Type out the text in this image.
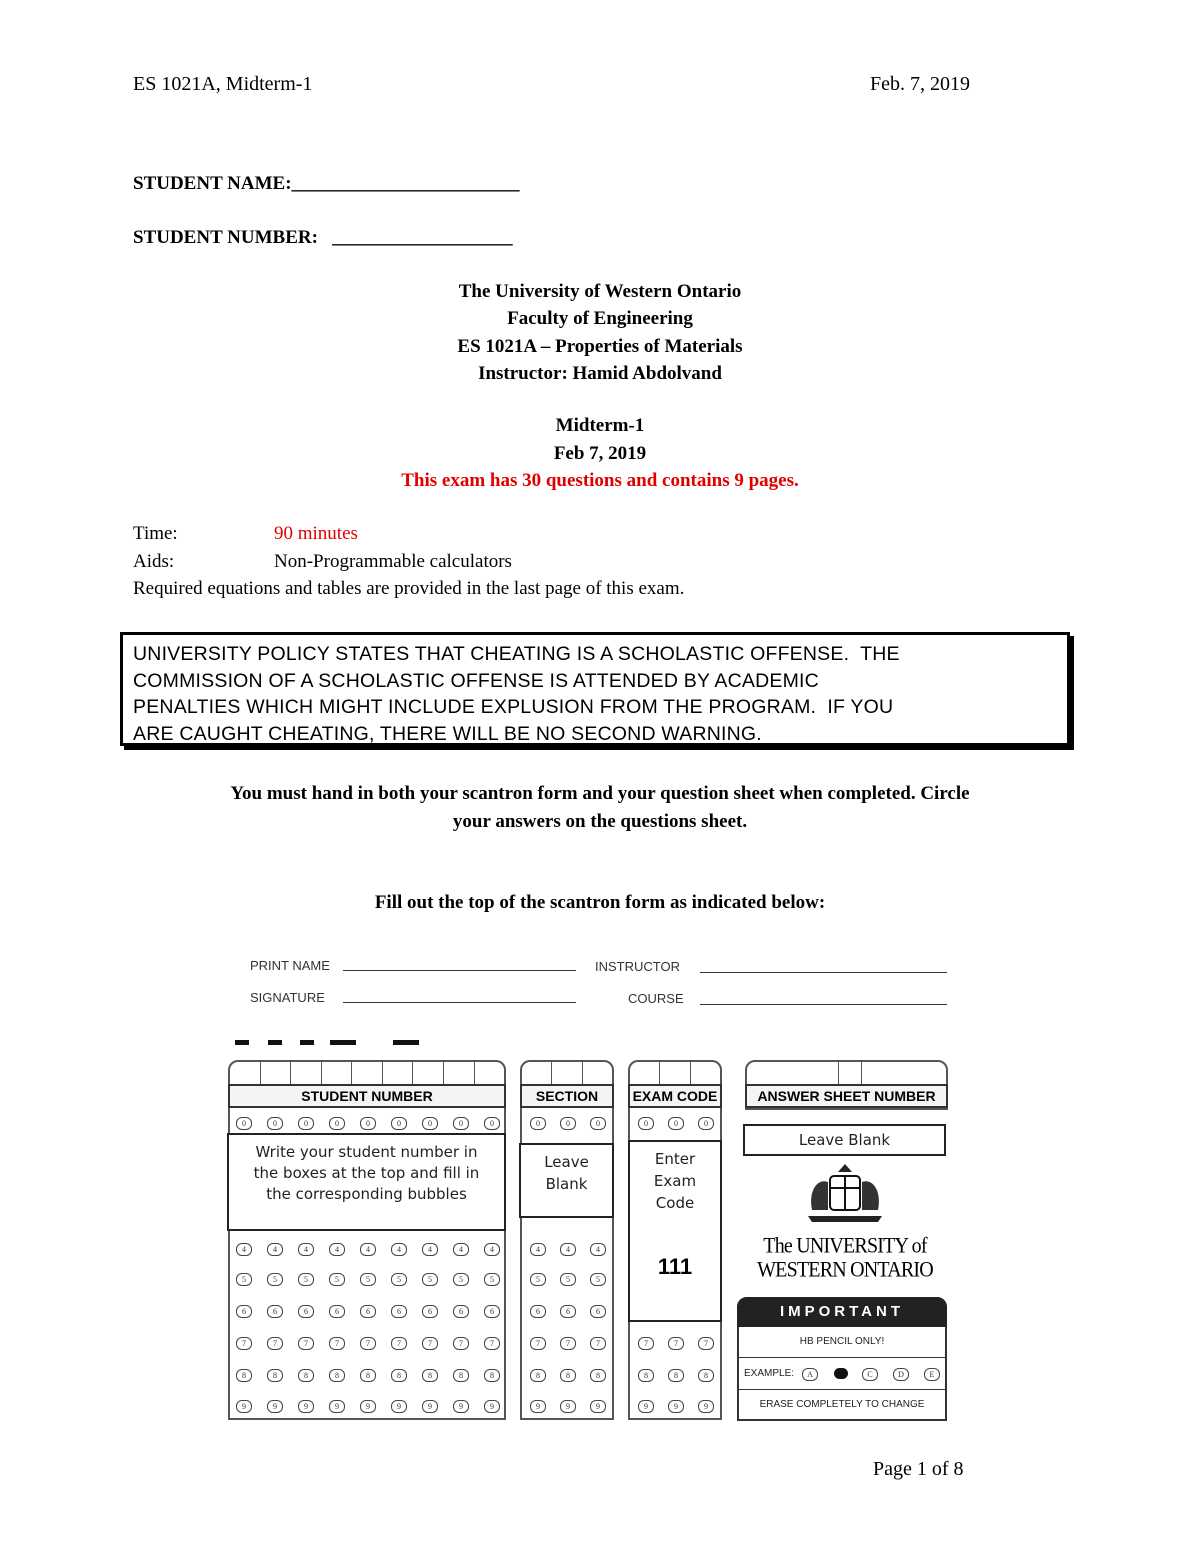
ES 1021A, Midterm-1	Feb. 7, 2019
STUDENT NAME:________________________
STUDENT NUMBER:   ___________________
The University of Western Ontario
Faculty of Engineering
ES 1021A – Properties of Materials
Instructor: Hamid Abdolvand
Midterm-1
Feb 7, 2019
This exam has 30 questions and contains 9 pages.
Time:	90 minutes
Aids:	Non-Programmable calculators
Required equations and tables are provided in the last page of this exam.
UNIVERSITY POLICY STATES THAT CHEATING IS A SCHOLASTIC OFFENSE.  THE
COMMISSION OF A SCHOLASTIC OFFENSE IS ATTENDED BY ACADEMIC
PENALTIES WHICH MIGHT INCLUDE EXPLUSION FROM THE PROGRAM.  IF YOU
ARE CAUGHT CHEATING, THERE WILL BE NO SECOND WARNING.
You must hand in both your scantron form and your question sheet when completed. Circle
your answers on the questions sheet.
Fill out the top of the scantron form as indicated below:
PRINT NAME
SIGNATURE
INSTRUCTOR
COURSE
STUDENT NUMBER	SECTION	EXAM CODE	ANSWER SHEET NUMBER
0	0	0	0	0	0	0	0	0
4	4	4	4	4	4	4	4	4
5	5	5	5	5	5	5	5	5
6	6	6	6	6	6	6	6	6
7	7	7	7	7	7	7	7	7
8	8	8	8	8	8	8	8	8
9	9	9	9	9	9	9	9	9
0	0	0
4	4	4
5	5	5
6	6	6
7	7	7
8	8	8
9	9	9
0	0	0
7	7	7
8	8	8
9	9	9
Write your student number in
the boxes at the top and fill in
the corresponding bubbles
Leave
Blank
Enter
Exam
Code
111
Leave Blank
The UNIVERSITY of
WESTERN ONTARIO
IMPORTANT
HB PENCIL ONLY!
EXAMPLE:	A	C	D	E
ERASE COMPLETELY TO CHANGE
Page 1 of 8
